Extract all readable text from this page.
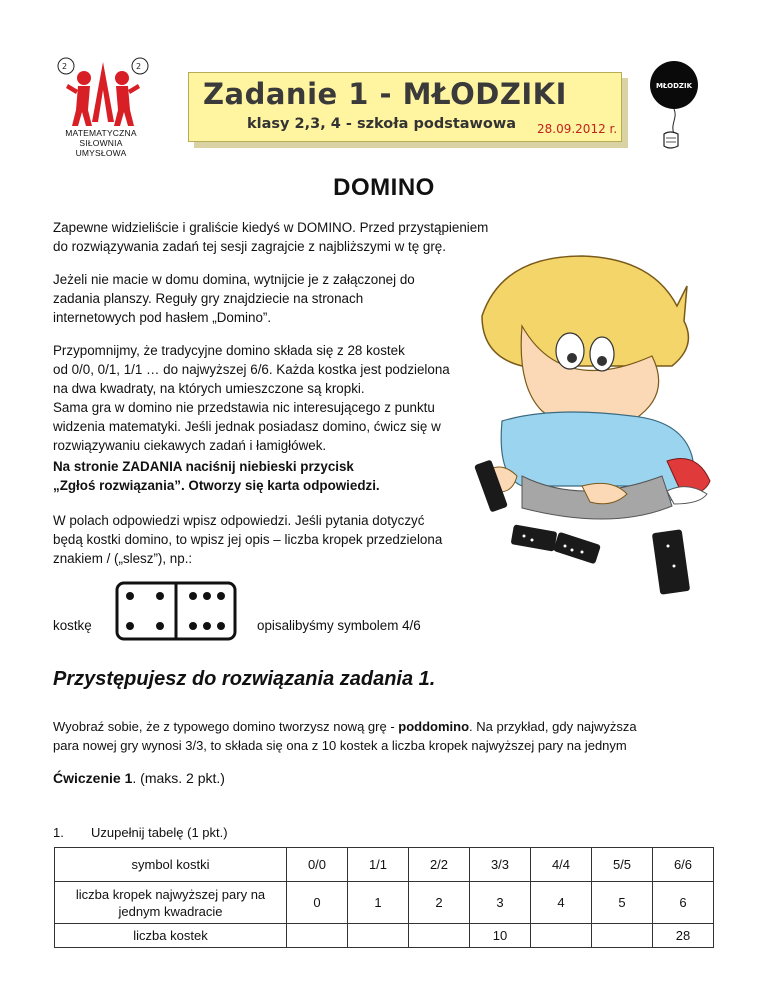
2	2
MATEMATYCZNA
SIŁOWNIA
UMYSŁOWA
Zadanie 1 - MŁODZIKI
klasy 2,3, 4 - szkoła podstawowa 28.09.2012 r.
MŁODZIK
DOMINO
Zapewne widzieliście i graliście kiedyś w DOMINO. Przed przystąpieniem
do rozwiązywania zadań tej sesji zagrajcie z najbliższymi w tę grę.
Jeżeli nie macie w domu domina, wytnijcie je z załączonej do
zadania planszy. Reguły gry znajdziecie na stronach
internetowych pod hasłem „Domino”.
Przypomnijmy, że tradycyjne domino składa się z 28 kostek
od 0/0, 0/1, 1/1 … do najwyższej 6/6. Każda kostka jest podzielona
na dwa kwadraty, na których umieszczone są kropki.
Sama gra w domino nie przedstawia nic interesującego z punktu
widzenia matematyki. Jeśli jednak posiadasz domino, ćwicz się w
rozwiązywaniu ciekawych zadań i łamigłówek.
Na stronie ZADANIA naciśnij niebieski przycisk
„Zgłoś rozwiązania”. Otworzy się karta odpowiedzi.
W polach odpowiedzi wpisz odpowiedzi. Jeśli pytania dotyczyć
będą kostki domino, to wpisz jej opis – liczba kropek przedzielona
znakiem / („slesz”), np.:
kostkę	opisalibyśmy symbolem 4/6
Przystępujesz do rozwiązania zadania 1.
Wyobraź sobie, że z typowego domino tworzysz nową grę - poddomino. Na przykład, gdy najwyższa
para nowej gry wynosi 3/3, to składa się ona z 10 kostek a liczba kropek najwyższej pary na jednym
Ćwiczenie 1. (maks. 2 pkt.)
1. Uzupełnij tabelę (1 pkt.)
symbol kostki	0/0	1/1	2/2	3/3	4/4	5/5	6/6
liczba kropek najwyższej pary na jednym kwadracie	0	1	2	3	4	5	6
liczba kostek				10			28
